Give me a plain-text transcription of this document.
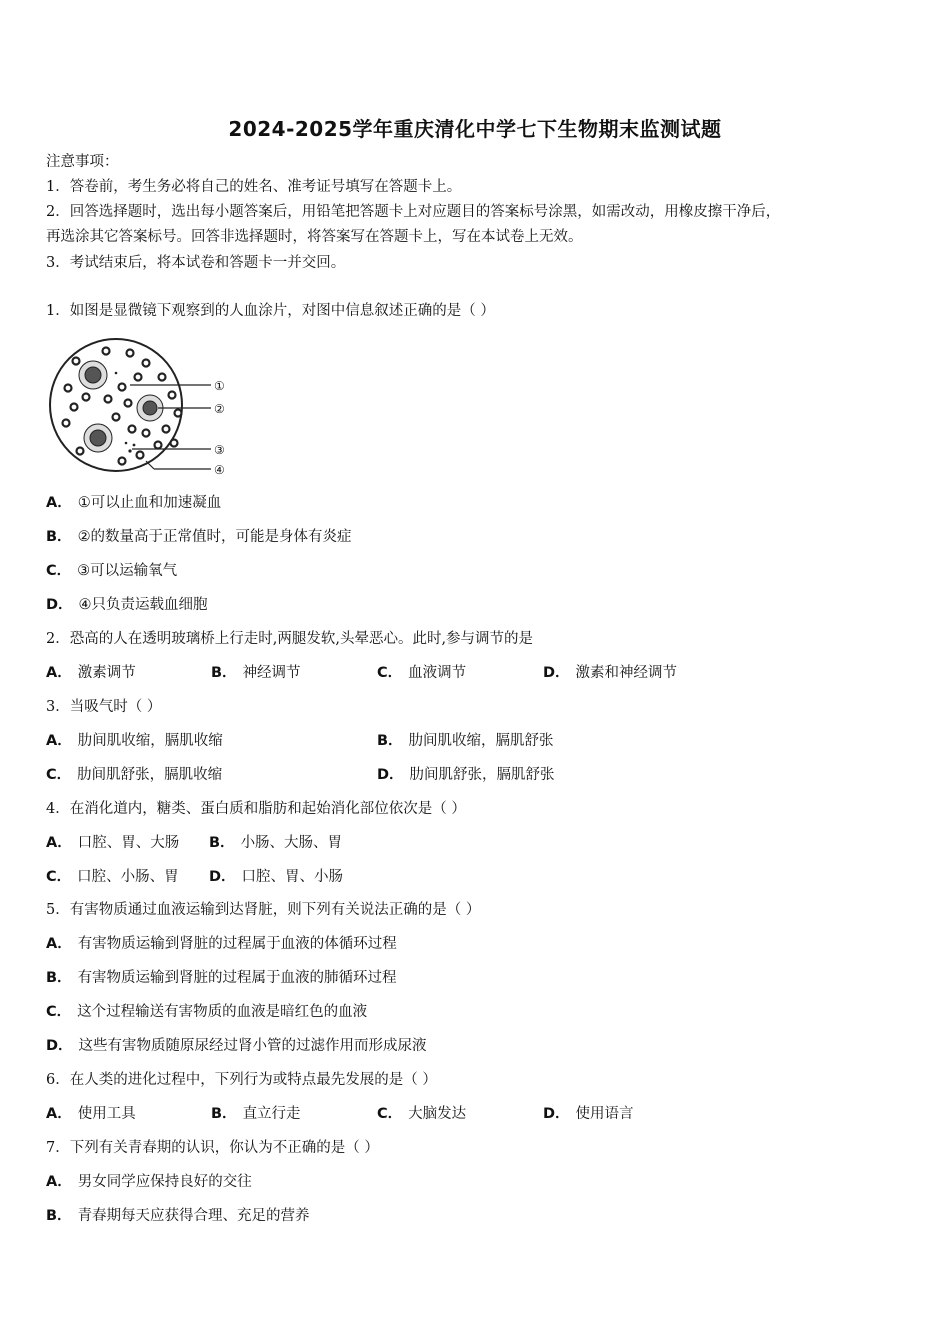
2024-2025学年重庆清化中学七下生物期末监测试题
注意事项：
1．答卷前，考生务必将自己的姓名、准考证号填写在答题卡上。
2．回答选择题时，选出每小题答案后，用铅笔把答题卡上对应题目的答案标号涂黑，如需改动，用橡皮擦干净后，
再选涂其它答案标号。回答非选择题时，将答案写在答题卡上，写在本试卷上无效。
3．考试结束后，将本试卷和答题卡一并交回。
1．如图是显微镜下观察到的人血涂片，对图中信息叙述正确的是（ ）
①
②
③
④
A． ①可以止血和加速凝血
B． ②的数量高于正常值时，可能是身体有炎症
C． ③可以运输氧气
D． ④只负责运载血细胞
2．恐高的人在透明玻璃桥上行走时,两腿发软,头晕恶心。此时,参与调节的是
A． 激素调节	B． 神经调节	C． 血液调节	D． 激素和神经调节
3．当吸气时（ ）
A． 肋间肌收缩，膈肌收缩	B． 肋间肌收缩，膈肌舒张
C． 肋间肌舒张，膈肌收缩	D． 肋间肌舒张，膈肌舒张
4．在消化道内，糖类、蛋白质和脂肪和起始消化部位依次是（ ）
A． 口腔、胃、大肠 B． 小肠、大肠、胃
C． 口腔、小肠、胃 D． 口腔、胃、小肠
5．有害物质通过血液运输到达肾脏，则下列有关说法正确的是（ ）
A． 有害物质运输到肾脏的过程属于血液的体循环过程
B． 有害物质运输到肾脏的过程属于血液的肺循环过程
C． 这个过程输送有害物质的血液是暗红色的血液
D． 这些有害物质随原尿经过肾小管的过滤作用而形成尿液
6．在人类的进化过程中，下列行为或特点最先发展的是（ ）
A． 使用工具	B． 直立行走	C． 大脑发达	D． 使用语言
7．下列有关青春期的认识，你认为不正确的是（ ）
A． 男女同学应保持良好的交往
B． 青春期每天应获得合理、充足的营养
